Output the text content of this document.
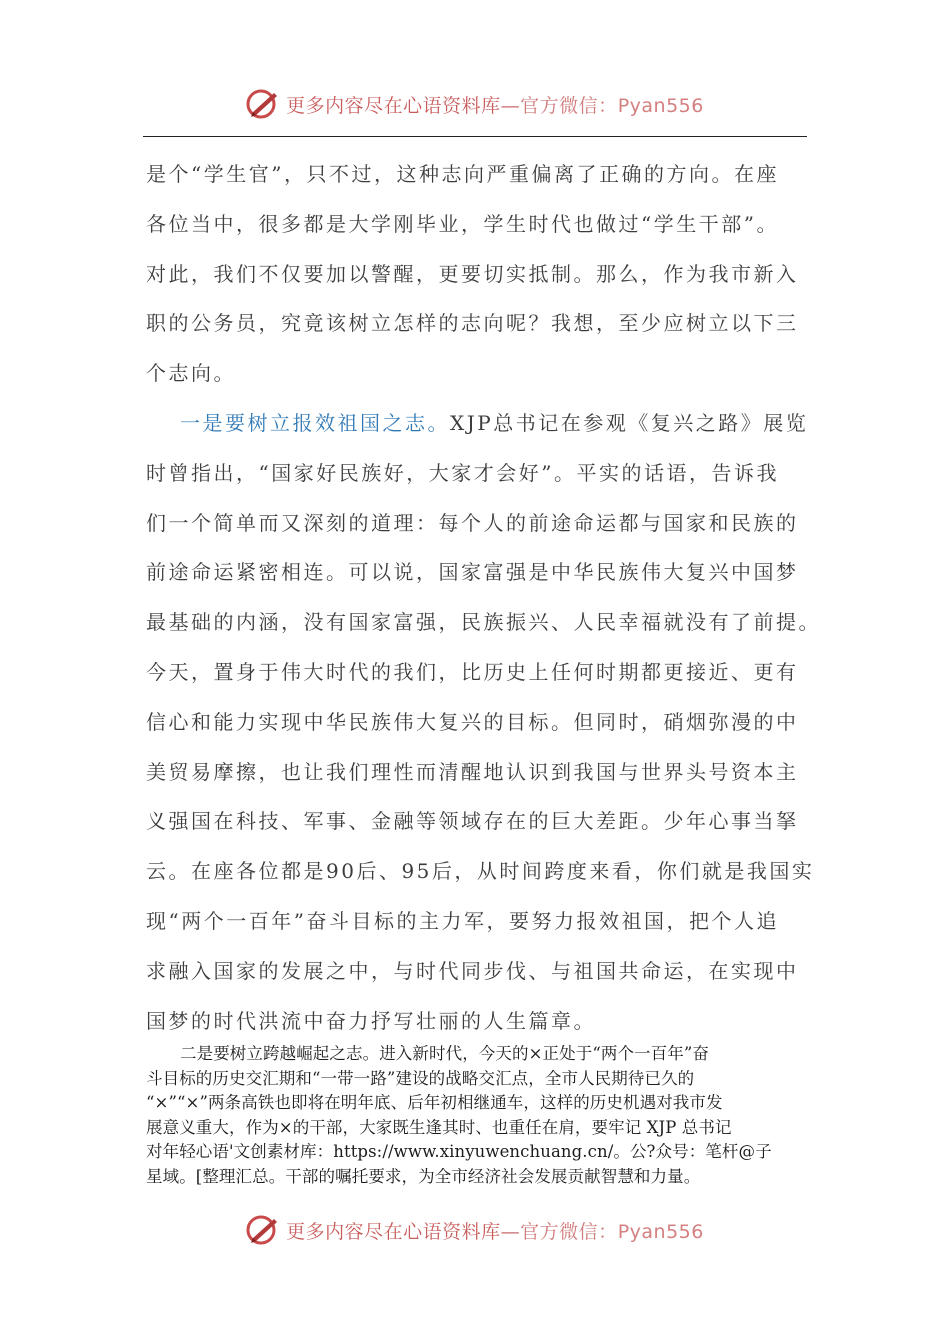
更多内容尽在心语资料库—官方微信：Pyan556
是个“学生官”，只不过，这种志向严重偏离了正确的方向。在座
各位当中，很多都是大学刚毕业，学生时代也做过“学生干部”。
对此，我们不仅要加以警醒，更要切实抵制。那么，作为我市新入
职的公务员，究竟该树立怎样的志向呢？我想，至少应树立以下三
个志向。
一是要树立报效祖国之志。XJP总书记在参观《复兴之路》展览
时曾指出，“国家好民族好，大家才会好”。平实的话语，告诉我
们一个简单而又深刻的道理：每个人的前途命运都与国家和民族的
前途命运紧密相连。可以说，国家富强是中华民族伟大复兴中国梦
最基础的内涵，没有国家富强，民族振兴、人民幸福就没有了前提。
今天，置身于伟大时代的我们，比历史上任何时期都更接近、更有
信心和能力实现中华民族伟大复兴的目标。但同时，硝烟弥漫的中
美贸易摩擦，也让我们理性而清醒地认识到我国与世界头号资本主
义强国在科技、军事、金融等领域存在的巨大差距。少年心事当拏
云。在座各位都是90后、95后，从时间跨度来看，你们就是我国实
现“两个一百年”奋斗目标的主力军，要努力报效祖国，把个人追
求融入国家的发展之中，与时代同步伐、与祖国共命运，在实现中
国梦的时代洪流中奋力抒写壮丽的人生篇章。
二是要树立跨越崛起之志。进入新时代，今天的×正处于“两个一百年”奋
斗目标的历史交汇期和“一带一路”建设的战略交汇点，全市人民期待已久的
“×”“×”两条高铁也即将在明年底、后年初相继通车，这样的历史机遇对我市发
展意义重大，作为×的干部，大家既生逢其时、也重任在肩，要牢记 XJP 总书记
对年轻心语'文创素材库：https://www.xinyuwenchuang.cn/。公?众号：笔杆@子
星域。[整理汇总。干部的嘱托要求，为全市经济社会发展贡献智慧和力量。
更多内容尽在心语资料库—官方微信：Pyan556
